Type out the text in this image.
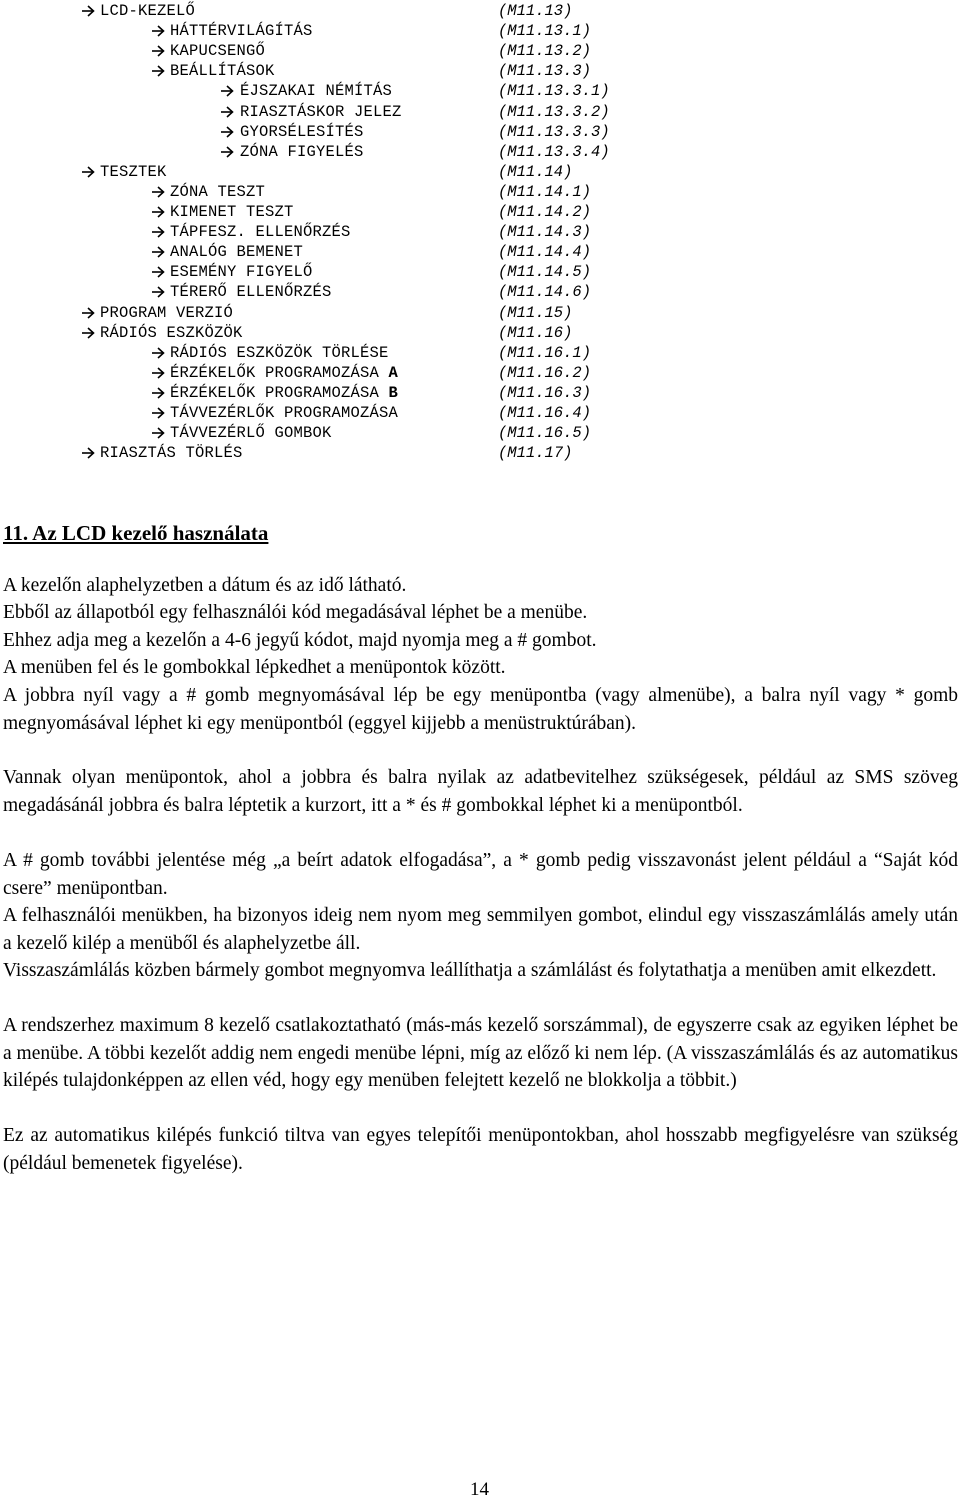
LCD-KEZELŐ	(M11.13)
HÁTTÉRVILÁGÍTÁS	(M11.13.1)
KAPUCSENGŐ	(M11.13.2)
BEÁLLÍTÁSOK	(M11.13.3)
ÉJSZAKAI NÉMÍTÁS	(M11.13.3.1)
RIASZTÁSKOR JELEZ	(M11.13.3.2)
GYORSÉLESÍTÉS	(M11.13.3.3)
ZÓNA FIGYELÉS	(M11.13.3.4)
TESZTEK	(M11.14)
ZÓNA TESZT	(M11.14.1)
KIMENET TESZT	(M11.14.2)
TÁPFESZ. ELLENŐRZÉS	(M11.14.3)
ANALÓG BEMENET	(M11.14.4)
ESEMÉNY FIGYELŐ	(M11.14.5)
TÉRERŐ ELLENŐRZÉS	(M11.14.6)
PROGRAM VERZIÓ	(M11.15)
RÁDIÓS ESZKÖZÖK	(M11.16)
RÁDIÓS ESZKÖZÖK TÖRLÉSE	(M11.16.1)
ÉRZÉKELŐK PROGRAMOZÁSA A	(M11.16.2)
ÉRZÉKELŐK PROGRAMOZÁSA B	(M11.16.3)
TÁVVEZÉRLŐK PROGRAMOZÁSA	(M11.16.4)
TÁVVEZÉRLŐ GOMBOK	(M11.16.5)
RIASZTÁS TÖRLÉS	(M11.17)
11. Az LCD kezelő használata
A kezelőn alaphelyzetben a dátum és az idő látható.
Ebből az állapotból egy felhasználói kód megadásával léphet be a menübe.
Ehhez adja meg a kezelőn a 4-6 jegyű kódot, majd nyomja meg a # gombot.
A menüben fel és le gombokkal lépkedhet a menüpontok között.
A jobbra nyíl vagy a # gomb megnyomásával lép be egy menüpontba (vagy almenübe), a balra nyíl vagy * gomb megnyomásával léphet ki egy menüpontból (eggyel kijjebb a menüstruktúrában).
Vannak olyan menüpontok, ahol a jobbra és balra nyilak az adatbevitelhez szükségesek, például az SMS szöveg megadásánál jobbra és balra léptetik a kurzort, itt a * és # gombokkal léphet ki a menüpontból.
A # gomb további jelentése még „a beírt adatok elfogadása”, a * gomb pedig visszavonást jelent például a “Saját kód csere” menüpontban.
A felhasználói menükben, ha bizonyos ideig nem nyom meg semmilyen gombot, elindul egy visszaszámlálás amely után a kezelő kilép a menüből és alaphelyzetbe áll.
Visszaszámlálás közben bármely gombot megnyomva leállíthatja a számlálást és folytathatja a menüben amit elkezdett.
A rendszerhez maximum 8 kezelő csatlakoztatható (más-más kezelő sorszámmal), de egyszerre csak az egyiken léphet be a menübe. A többi kezelőt addig nem engedi menübe lépni, míg az előző ki nem lép. (A visszaszámlálás és az automatikus kilépés tulajdonképpen az ellen véd, hogy egy menüben felejtett kezelő ne blokkolja a többit.)
Ez az automatikus kilépés funkció tiltva van egyes telepítői menüpontokban, ahol hosszabb megfigyelésre van szükség (például bemenetek figyelése).
14
